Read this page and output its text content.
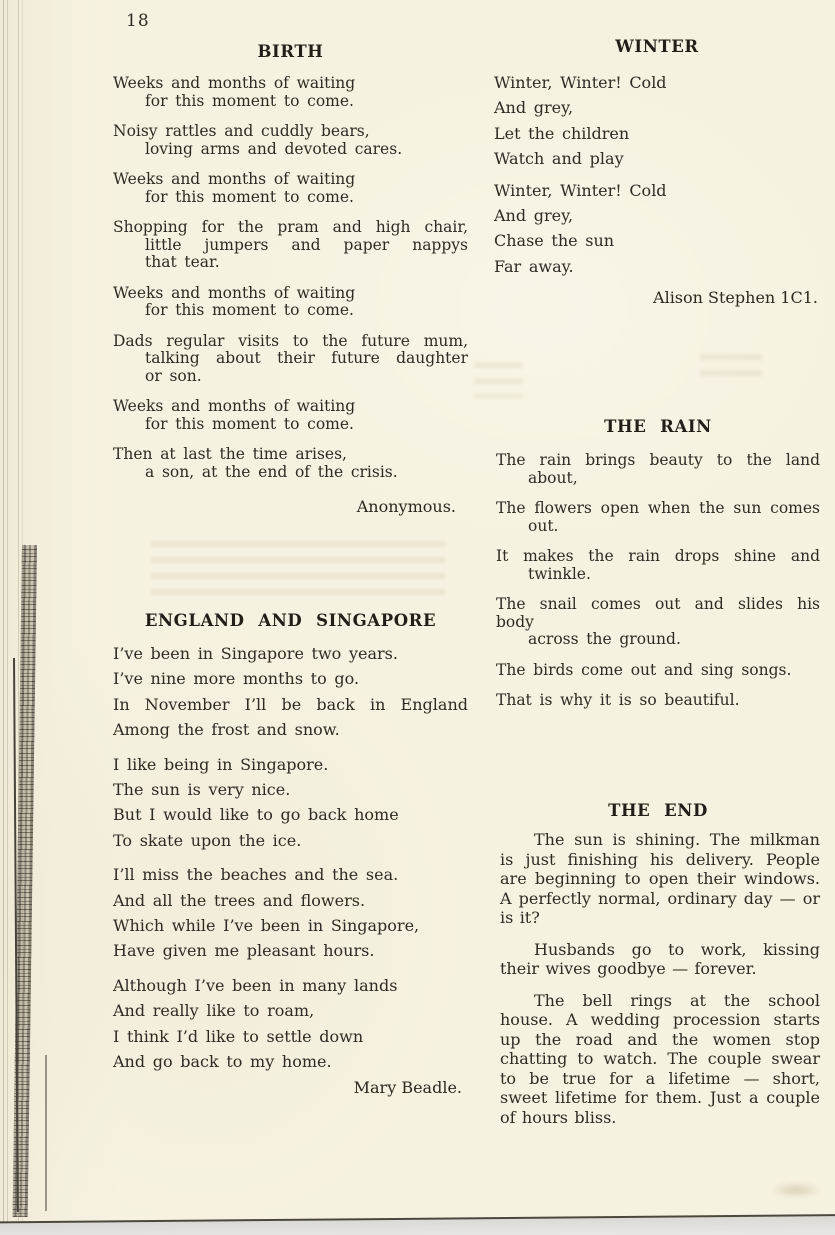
18
BIRTH
Weeks and months of waiting
for this moment to come.
Noisy rattles and cuddly bears,
loving arms and devoted cares.
Weeks and months of waiting
for this moment to come.
Shopping for the pram and high chair,
little jumpers and paper nappys
that tear.
Weeks and months of waiting
for this moment to come.
Dads regular visits to the future mum,
talking about their future daughter
or son.
Weeks and months of waiting
for this moment to come.
Then at last the time arises,
a son, at the end of the crisis.
Anonymous.
ENGLAND AND SINGAPORE
I’ve been in Singapore two years.
I’ve nine more months to go.
In November I’ll be back in England
Among the frost and snow.
I like being in Singapore.
The sun is very nice.
But I would like to go back home
To skate upon the ice.
I’ll miss the beaches and the sea.
And all the trees and flowers.
Which while I’ve been in Singapore,
Have given me pleasant hours.
Although I’ve been in many lands
And really like to roam,
I think I’d like to settle down
And go back to my home.
Mary Beadle.
WINTER
Winter, Winter! Cold
And grey,
Let the children
Watch and play
Winter, Winter! Cold
And grey,
Chase the sun
Far away.
Alison Stephen 1C1.
THE RAIN
The rain brings beauty to the land
about,
The flowers open when the sun comes
out.
It makes the rain drops shine and
twinkle.
The snail comes out and slides his body
across the ground.
The birds come out and sing songs.
That is why it is so beautiful.
THE END

The sun is shining. The milkman is just finishing his delivery. People are beginning to open their windows. A perfectly normal, ordinary day — or is it?

Husbands go to work, kissing their wives goodbye — forever.

The bell rings at the school house. A wedding procession starts up the road and the women stop chatting to watch. The couple swear to be true for a lifetime — short, sweet lifetime for them. Just a couple of hours bliss.
